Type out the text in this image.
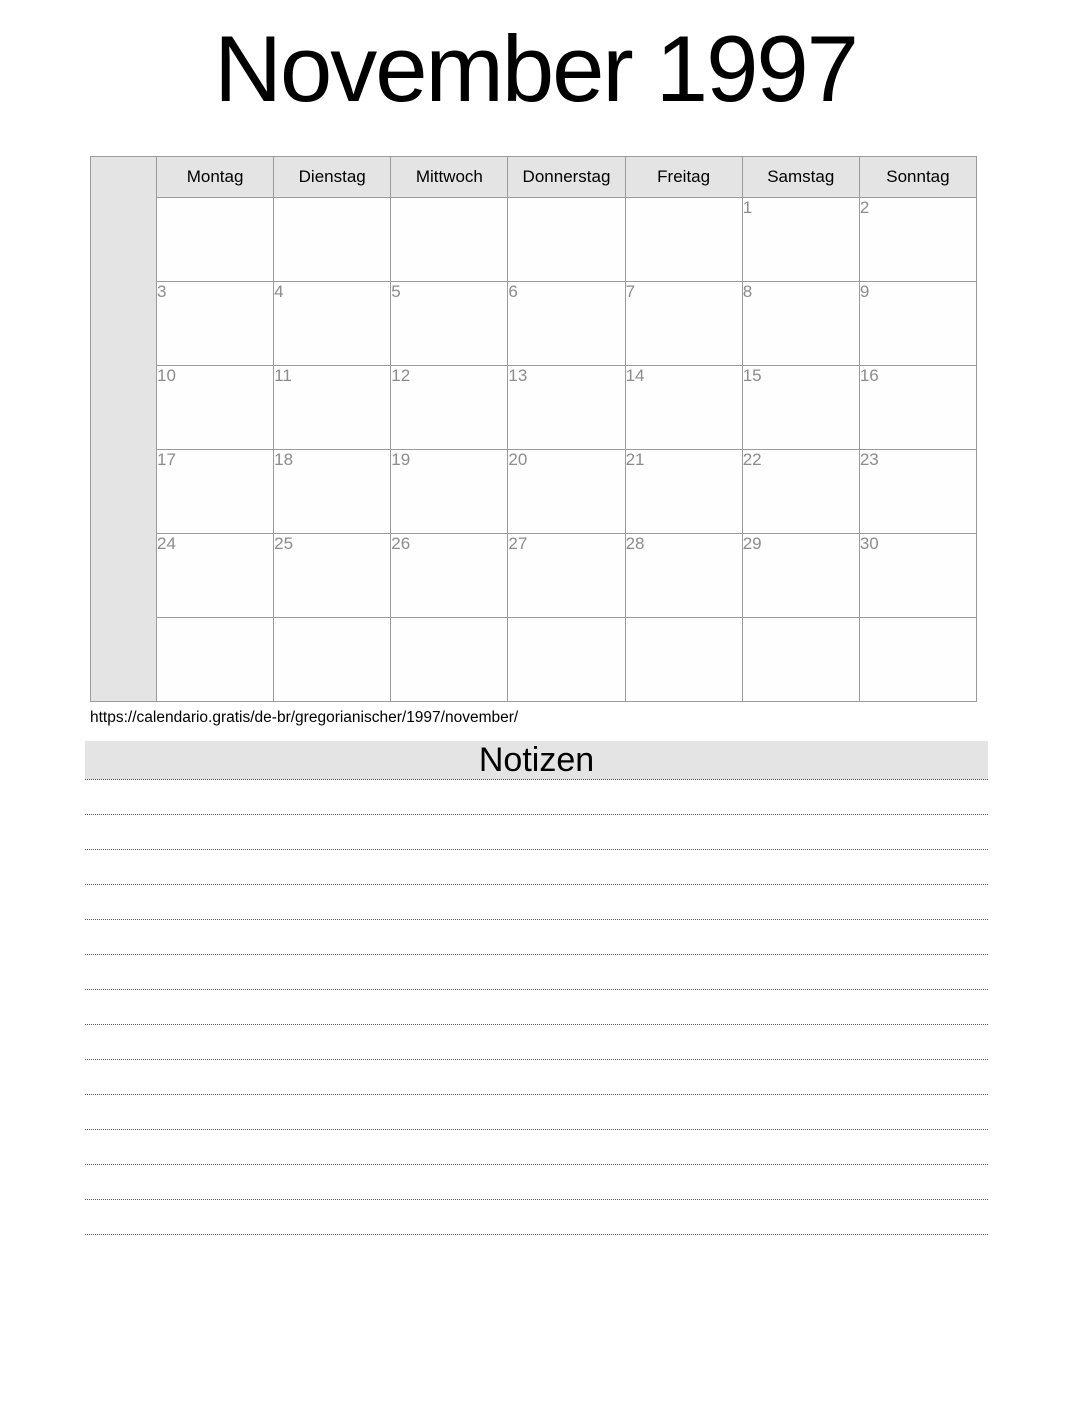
November 1997
	Montag	Dienstag	Mittwoch	Donnerstag	Freitag	Samstag	Sonntag
						1	2
	3	4	5	6	7	8	9
	10	11	12	13	14	15	16
	17	18	19	20	21	22	23
	24	25	26	27	28	29	30

https://calendario.gratis/de-br/gregorianischer/1997/november/
Notizen
